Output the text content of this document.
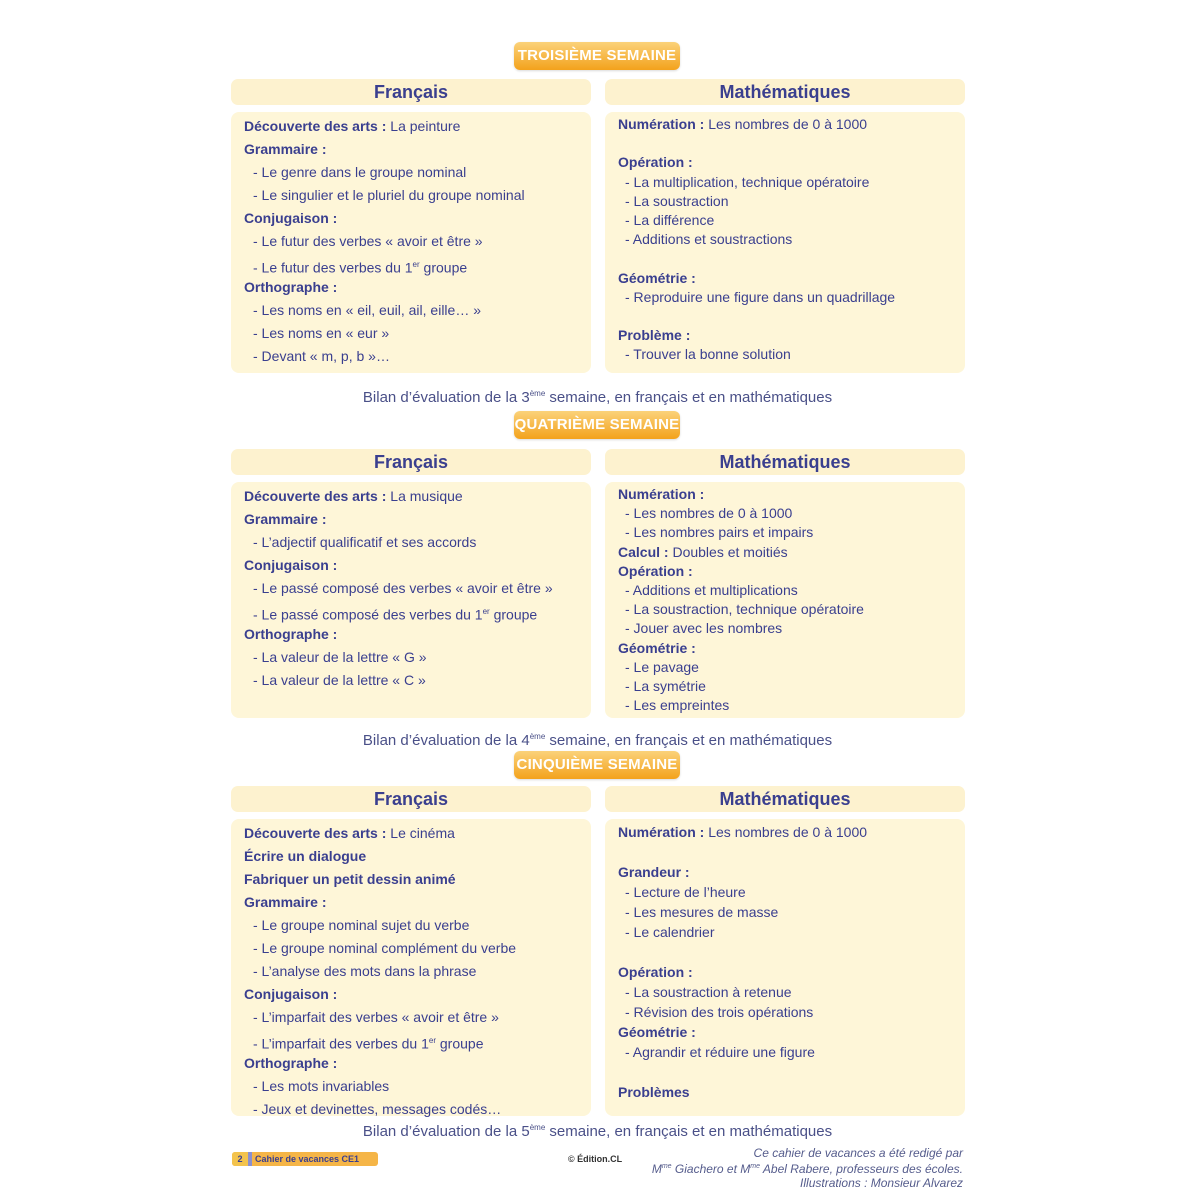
TROISIÈME SEMAINE
Français	Mathématiques
Découverte des arts : La peinture
Grammaire :
- Le genre dans le groupe nominal
- Le singulier et le pluriel du groupe nominal
Conjugaison :
- Le futur des verbes « avoir et être »
- Le futur des verbes du 1er groupe
Orthographe :
- Les noms en « eil, euil, ail, eille… »
- Les noms en « eur »
- Devant « m, p, b »…
Numération : Les nombres de 0 à 1000
Opération :
- La multiplication, technique opératoire
- La soustraction
- La différence
- Additions et soustractions
Géométrie :
- Reproduire une figure dans un quadrillage
Problème :
- Trouver la bonne solution
Bilan d’évaluation de la 3ème semaine, en français et en mathématiques
QUATRIÈME SEMAINE
Français	Mathématiques
Découverte des arts : La musique
Grammaire :
- L’adjectif qualificatif et ses accords
Conjugaison :
- Le passé composé des verbes « avoir et être »
- Le passé composé des verbes du 1er groupe
Orthographe :
- La valeur de la lettre « G »
- La valeur de la lettre « C »
Numération :
- Les nombres de 0 à 1000
- Les nombres pairs et impairs
Calcul : Doubles et moitiés
Opération :
- Additions et multiplications
- La soustraction, technique opératoire
- Jouer avec les nombres
Géométrie :
- Le pavage
- La symétrie
- Les empreintes
Bilan d’évaluation de la 4ème semaine, en français et en mathématiques
CINQUIÈME SEMAINE
Français	Mathématiques
Découverte des arts : Le cinéma
Écrire un dialogue
Fabriquer un petit dessin animé
Grammaire :
- Le groupe nominal sujet du verbe
- Le groupe nominal complément du verbe
- L’analyse des mots dans la phrase
Conjugaison :
- L’imparfait des verbes « avoir et être »
- L’imparfait des verbes du 1er groupe
Orthographe :
- Les mots invariables
- Jeux et devinettes, messages codés…
Numération : Les nombres de 0 à 1000
Grandeur :
- Lecture de l’heure
- Les mesures de masse
- Le calendrier
Opération :
- La soustraction à retenue
- Révision des trois opérations
Géométrie :
- Agrandir et réduire une figure
Problèmes
Bilan d’évaluation de la 5ème semaine, en français et en mathématiques
2 Cahier de vacances CE1	© Édition.CL	Ce cahier de vacances a été redigé par
$M^{me}$ Giachero et $M^{me}$ Abel Rabere, professeurs des écoles.
Illustrations : Monsieur Alvarez
